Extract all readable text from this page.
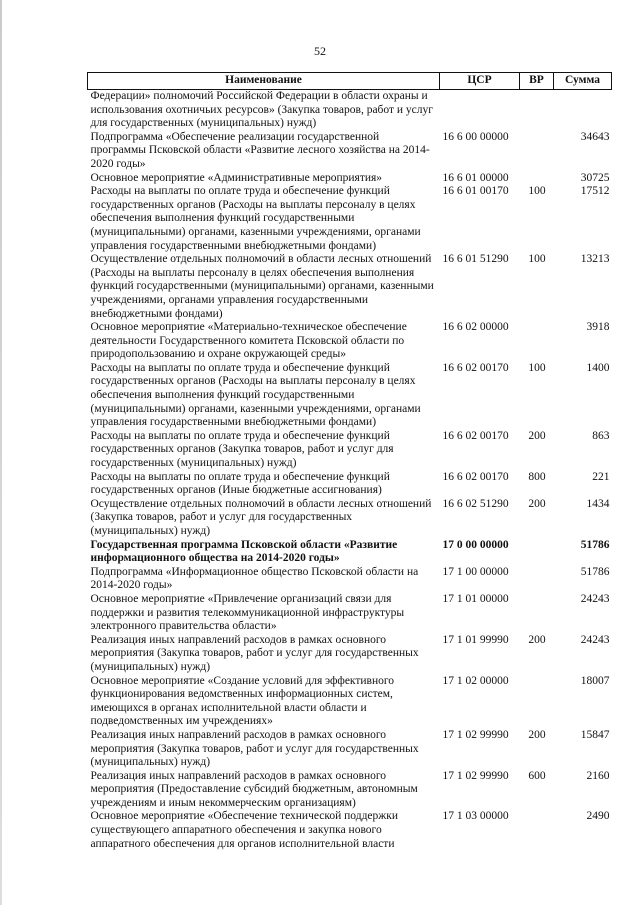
52
Наименование	ЦСР	ВР	Сумма
Федерации» полномочий Российской Федерации в области охраны и использования охотничьих ресурсов» (Закупка товаров, работ и услуг для государственных (муниципальных) нужд)			
Подпрограмма «Обеспечение реализации государственной программы Псковской области «Развитие лесного хозяйства на 2014-2020 годы»	16 6 00 00000		34643
Основное мероприятие «Административные мероприятия»	16 6 01 00000		30725
Расходы на выплаты по оплате труда и обеспечение функций государственных органов (Расходы на выплаты персоналу в целях обеспечения выполнения функций государственными (муниципальными) органами, казенными учреждениями, органами управления государственными внебюджетными фондами)	16 6 01 00170	100	17512
Осуществление отдельных полномочий в области лесных отношений (Расходы на выплаты персоналу в целях обеспечения выполнения функций государственными (муниципальными) органами, казенными учреждениями, органами управления государственными внебюджетными фондами)	16 6 01 51290	100	13213
Основное мероприятие «Материально-техническое обеспечение деятельности Государственного комитета Псковской области по природопользованию и охране окружающей среды»	16 6 02 00000		3918
Расходы на выплаты по оплате труда и обеспечение функций государственных органов (Расходы на выплаты персоналу в целях обеспечения выполнения функций государственными (муниципальными) органами, казенными учреждениями, органами управления государственными внебюджетными фондами)	16 6 02 00170	100	1400
Расходы на выплаты по оплате труда и обеспечение функций государственных органов (Закупка товаров, работ и услуг для государственных (муниципальных) нужд)	16 6 02 00170	200	863
Расходы на выплаты по оплате труда и обеспечение функций государственных органов (Иные бюджетные ассигнования)	16 6 02 00170	800	221
Осуществление отдельных полномочий в области лесных отношений (Закупка товаров, работ и услуг для государственных (муниципальных) нужд)	16 6 02 51290	200	1434
Государственная программа Псковской области «Развитие информационного общества на 2014-2020 годы»	17 0 00 00000		51786
Подпрограмма «Информационное общество Псковской области на 2014-2020 годы»	17 1 00 00000		51786
Основное мероприятие «Привлечение организаций связи для поддержки и развития телекоммуникационной инфраструктуры электронного правительства области»	17 1 01 00000		24243
Реализация иных направлений расходов в рамках основного мероприятия (Закупка товаров, работ и услуг для государственных (муниципальных) нужд)	17 1 01 99990	200	24243
Основное мероприятие «Создание условий для эффективного функционирования ведомственных информационных систем, имеющихся в органах исполнительной власти области и подведомственных им учреждениях»	17 1 02 00000		18007
Реализация иных направлений расходов в рамках основного мероприятия (Закупка товаров, работ и услуг для государственных (муниципальных) нужд)	17 1 02 99990	200	15847
Реализация иных направлений расходов в рамках основного мероприятия (Предоставление субсидий бюджетным, автономным учреждениям и иным некоммерческим организациям)	17 1 02 99990	600	2160
Основное мероприятие «Обеспечение технической поддержки существующего аппаратного обеспечения и закупка нового аппаратного обеспечения для органов исполнительной власти	17 1 03 00000		2490
